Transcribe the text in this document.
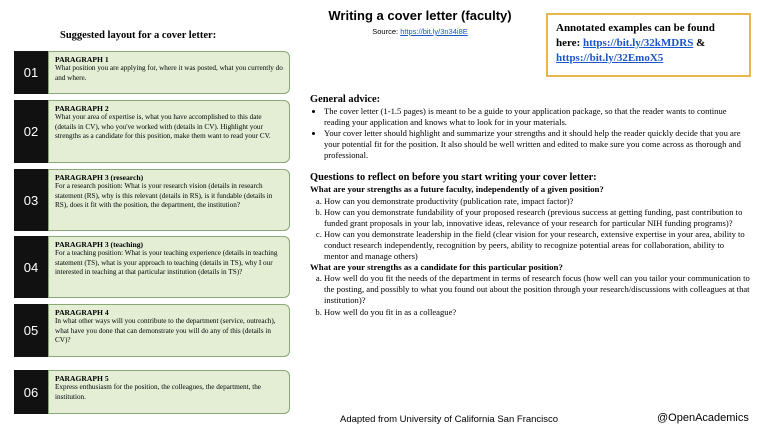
Writing a cover letter (faculty)
Source: https://bit.ly/3n34i8E	Annotated examples can be found here: https://bit.ly/32kMDRS & https://bit.ly/32EmoX5
Suggested layout for a cover letter:
01
PARAGRAPH 1
What position you are applying for, where it was posted, what you currently do and where.
02
PARAGRAPH 2
What your area of expertise is, what you have accomplished to this date (details in CV), who you've worked with (details in CV). Highlight your strengths as a candidate for this position, make them want to read your CV.
03
PARAGRAPH 3 (research)
For a research position: What is your research vision (details in research statement (RS), why is this relevant (details in RS), is it fundable (details in RS), does it fit with the position, the department, the institution?
04
PARAGRAPH 3 (teaching)
For a teaching position: What is your teaching experience (details in teaching statement (TS), what is your approach to teaching (details in TS), why I our interested in teaching at that particular institution (details in TS)?
05
PARAGRAPH 4
In what other ways will you contribute to the department (service, outreach), what have you done that can demonstrate you will do any of this (details in CV)?
06
PARAGRAPH 5
Express enthusiasm for the position, the colleagues, the department, the institution.
General advice:
• The cover letter (1-1.5 pages) is meant to be a guide to your application package, so that the reader wants to continue reading your application and knows what to look for in your materials.
• Your cover letter should highlight and summarize your strengths and it should help the reader quickly decide that you are your potential fit for the position. It also should be well written and edited to make sure you come across as thorough and professional.
Questions to reflect on before you start writing your cover letter:
What are your strengths as a future faculty, independently of a given position?
a. How can you demonstrate productivity (publication rate, impact factor)?
b. How can you demonstrate fundability of your proposed research (previous success at getting funding, past contribution to funded grant proposals in your lab, innovative ideas, relevance of your research for particular NIH funding programs)?
c. How can you demonstrate leadership in the field (clear vision for your research, extensive expertise in your area, ability to conduct research independently, recognition by peers, ability to recognize potential areas for collaboration, ability to mentor and manage others)
What are your strengths as a candidate for this particular position?
a. How well do you fit the needs of the department in terms of research focus (how well can you tailor your communication to the posting, and possibly to what you found out about the position through your research/discussions with colleagues at that institution)?
b. How well do you fit in as a colleague?
Adapted from University of California San Francisco	@OpenAcademics
